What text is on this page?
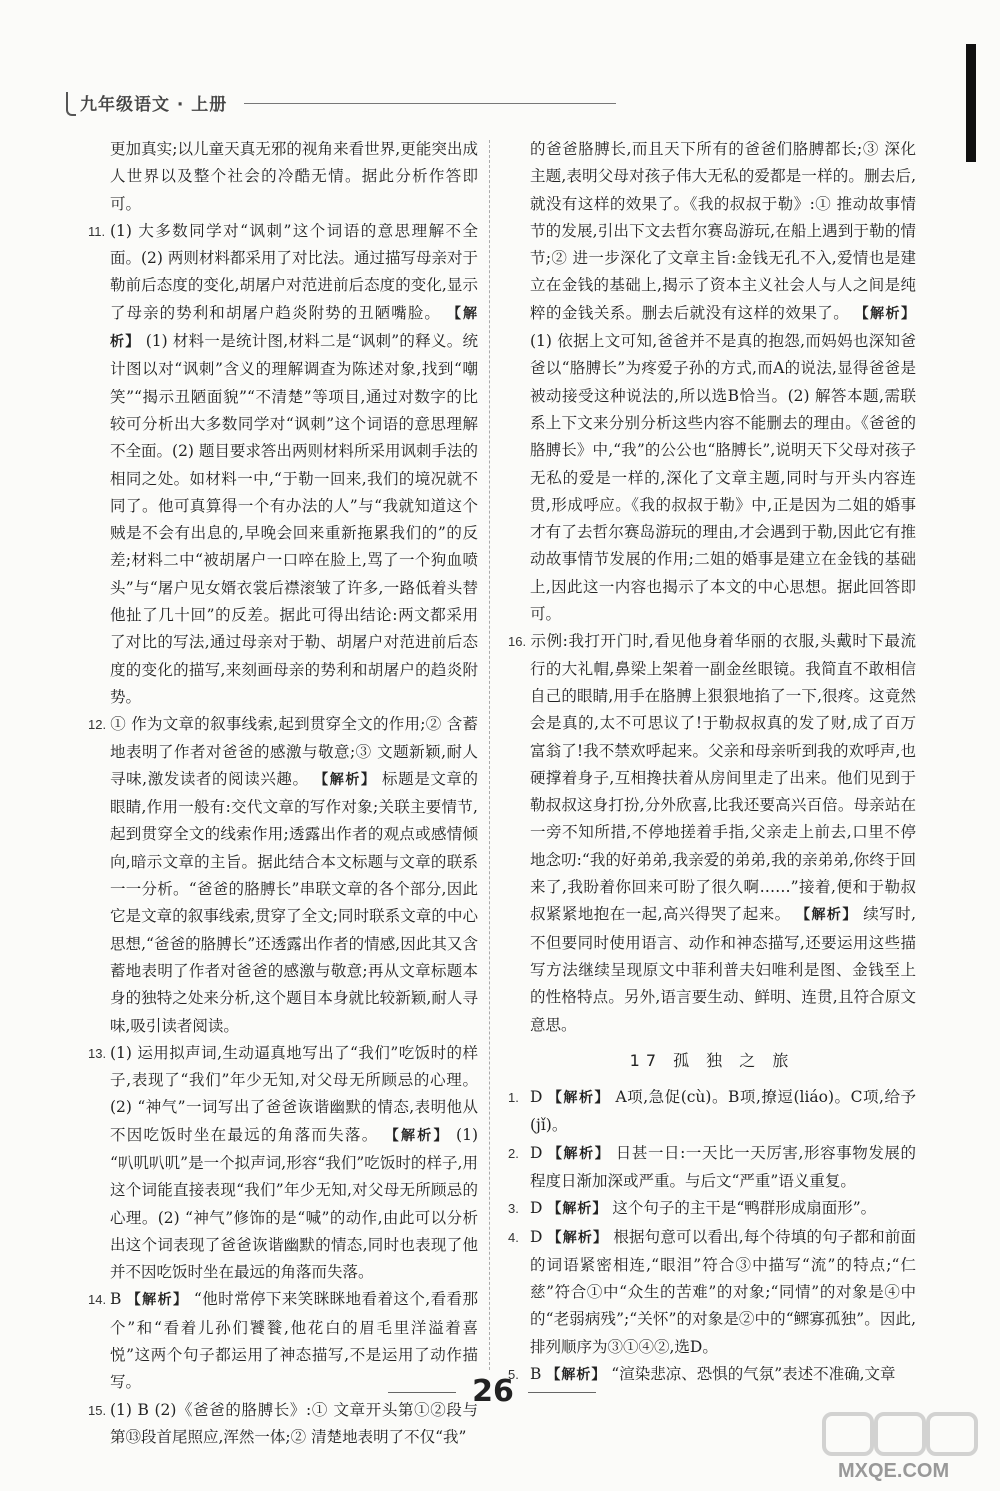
九年级语文 · 上册

更加真实;以儿童天真无邪的视角来看世界,更能突出成人世界以及整个社会的冷酷无情。据此分析作答即可。

11. (1) 大多数同学对“讽刺”这个词语的意思理解不全面。(2) 两则材料都采用了对比法。通过描写母亲对于勒前后态度的变化,胡屠户对范进前后态度的变化,显示了母亲的势利和胡屠户趋炎附势的丑陋嘴脸。 【解析】 (1) 材料一是统计图,材料二是“讽刺”的释义。统计图以对“讽刺”含义的理解调查为陈述对象,找到“嘲笑”“揭示丑陋面貌”“不清楚”等项目,通过对数字的比较可分析出大多数同学对“讽刺”这个词语的意思理解不全面。(2) 题目要求答出两则材料所采用讽刺手法的相同之处。如材料一中,“于勒一回来,我们的境况就不同了。他可真算得一个有办法的人”与“我就知道这个贼是不会有出息的,早晚会回来重新拖累我们的”的反差;材料二中“被胡屠户一口啐在脸上,骂了一个狗血喷头”与“屠户见女婿衣裳后襟滚皱了许多,一路低着头替他扯了几十回”的反差。据此可得出结论:两文都采用了对比的写法,通过母亲对于勒、胡屠户对范进前后态度的变化的描写,来刻画母亲的势利和胡屠户的趋炎附势。

12. ① 作为文章的叙事线索,起到贯穿全文的作用;② 含蓄地表明了作者对爸爸的感激与敬意;③ 文题新颖,耐人寻味,激发读者的阅读兴趣。 【解析】 标题是文章的眼睛,作用一般有:交代文章的写作对象;关联主要情节,起到贯穿全文的线索作用;透露出作者的观点或感情倾向,暗示文章的主旨。据此结合本文标题与文章的联系一一分析。“爸爸的胳膊长”串联文章的各个部分,因此它是文章的叙事线索,贯穿了全文;同时联系文章的中心思想,“爸爸的胳膊长”还透露出作者的情感,因此其又含蓄地表明了作者对爸爸的感激与敬意;再从文章标题本身的独特之处来分析,这个题目本身就比较新颖,耐人寻味,吸引读者阅读。

13. (1) 运用拟声词,生动逼真地写出了“我们”吃饭时的样子,表现了“我们”年少无知,对父母无所顾忌的心理。(2) “神气”一词写出了爸爸诙谐幽默的情态,表明他从不因吃饭时坐在最远的角落而失落。 【解析】 (1) “叭叽叭叽”是一个拟声词,形容“我们”吃饭时的样子,用这个词能直接表现“我们”年少无知,对父母无所顾忌的心理。(2) “神气”修饰的是“喊”的动作,由此可以分析出这个词表现了爸爸诙谐幽默的情态,同时也表现了他并不因吃饭时坐在最远的角落而失落。

14. B 【解析】 “他时常停下来笑眯眯地看着这个,看看那个”和“看着儿孙们饕餮,他花白的眉毛里洋溢着喜悦”这两个句子都运用了神态描写,不是运用了动作描写。

15. (1) B (2)《爸爸的胳膊长》:① 文章开头第①②段与第⑬段首尾照应,浑然一体;② 清楚地表明了不仅“我”

的爸爸胳膊长,而且天下所有的爸爸们胳膊都长;③ 深化主题,表明父母对孩子伟大无私的爱都是一样的。删去后,就没有这样的效果了。《我的叔叔于勒》:① 推动故事情节的发展,引出下文去哲尔赛岛游玩,在船上遇到于勒的情节;② 进一步深化了文章主旨:金钱无孔不入,爱情也是建立在金钱的基础上,揭示了资本主义社会人与人之间是纯粹的金钱关系。删去后就没有这样的效果了。 【解析】 (1) 依据上文可知,爸爸并不是真的抱怨,而妈妈也深知爸爸以“胳膊长”为疼爱子孙的方式,而A的说法,显得爸爸是被动接受这种说法的,所以选B恰当。(2) 解答本题,需联系上下文来分别分析这些内容不能删去的理由。《爸爸的胳膊长》中,“我”的公公也“胳膊长”,说明天下父母对孩子无私的爱是一样的,深化了文章主题,同时与开头内容连贯,形成呼应。《我的叔叔于勒》中,正是因为二姐的婚事才有了去哲尔赛岛游玩的理由,才会遇到于勒,因此它有推动故事情节发展的作用;二姐的婚事是建立在金钱的基础上,因此这一内容也揭示了本文的中心思想。据此回答即可。

16. 示例:我打开门时,看见他身着华丽的衣服,头戴时下最流行的大礼帽,鼻梁上架着一副金丝眼镜。我简直不敢相信自己的眼睛,用手在胳膊上狠狠地掐了一下,很疼。这竟然会是真的,太不可思议了!于勒叔叔真的发了财,成了百万富翁了!我不禁欢呼起来。父亲和母亲听到我的欢呼声,也硬撑着身子,互相搀扶着从房间里走了出来。他们见到于勒叔叔这身打扮,分外欣喜,比我还要高兴百倍。母亲站在一旁不知所措,不停地搓着手指,父亲走上前去,口里不停地念叨:“我的好弟弟,我亲爱的弟弟,我的亲弟弟,你终于回来了,我盼着你回来可盼了很久啊……”接着,便和于勒叔叔紧紧地抱在一起,高兴得哭了起来。 【解析】 续写时,不但要同时使用语言、动作和神态描写,还要运用这些描写方法继续呈现原文中菲利普夫妇唯利是图、金钱至上的性格特点。另外,语言要生动、鲜明、连贯,且符合原文意思。

17 孤 独 之 旅

1. D 【解析】 A项,急促(cù)。B项,撩逗(liáo)。C项,给予(jǐ)。

2. D 【解析】 日甚一日:一天比一天厉害,形容事物发展的程度日渐加深或严重。与后文“严重”语义重复。

3. D 【解析】 这个句子的主干是“鸭群形成扇面形”。

4. D 【解析】 根据句意可以看出,每个待填的句子都和前面的词语紧密相连,“眼泪”符合③中描写“流”的特点;“仁慈”符合①中“众生的苦难”的对象;“同情”的对象是④中的“老弱病残”;“关怀”的对象是②中的“鳏寡孤独”。因此,排列顺序为③①④②,选D。

5. B 【解析】 “渲染悲凉、恐惧的气氛”表述不准确,文章

26
MXQE.COM
